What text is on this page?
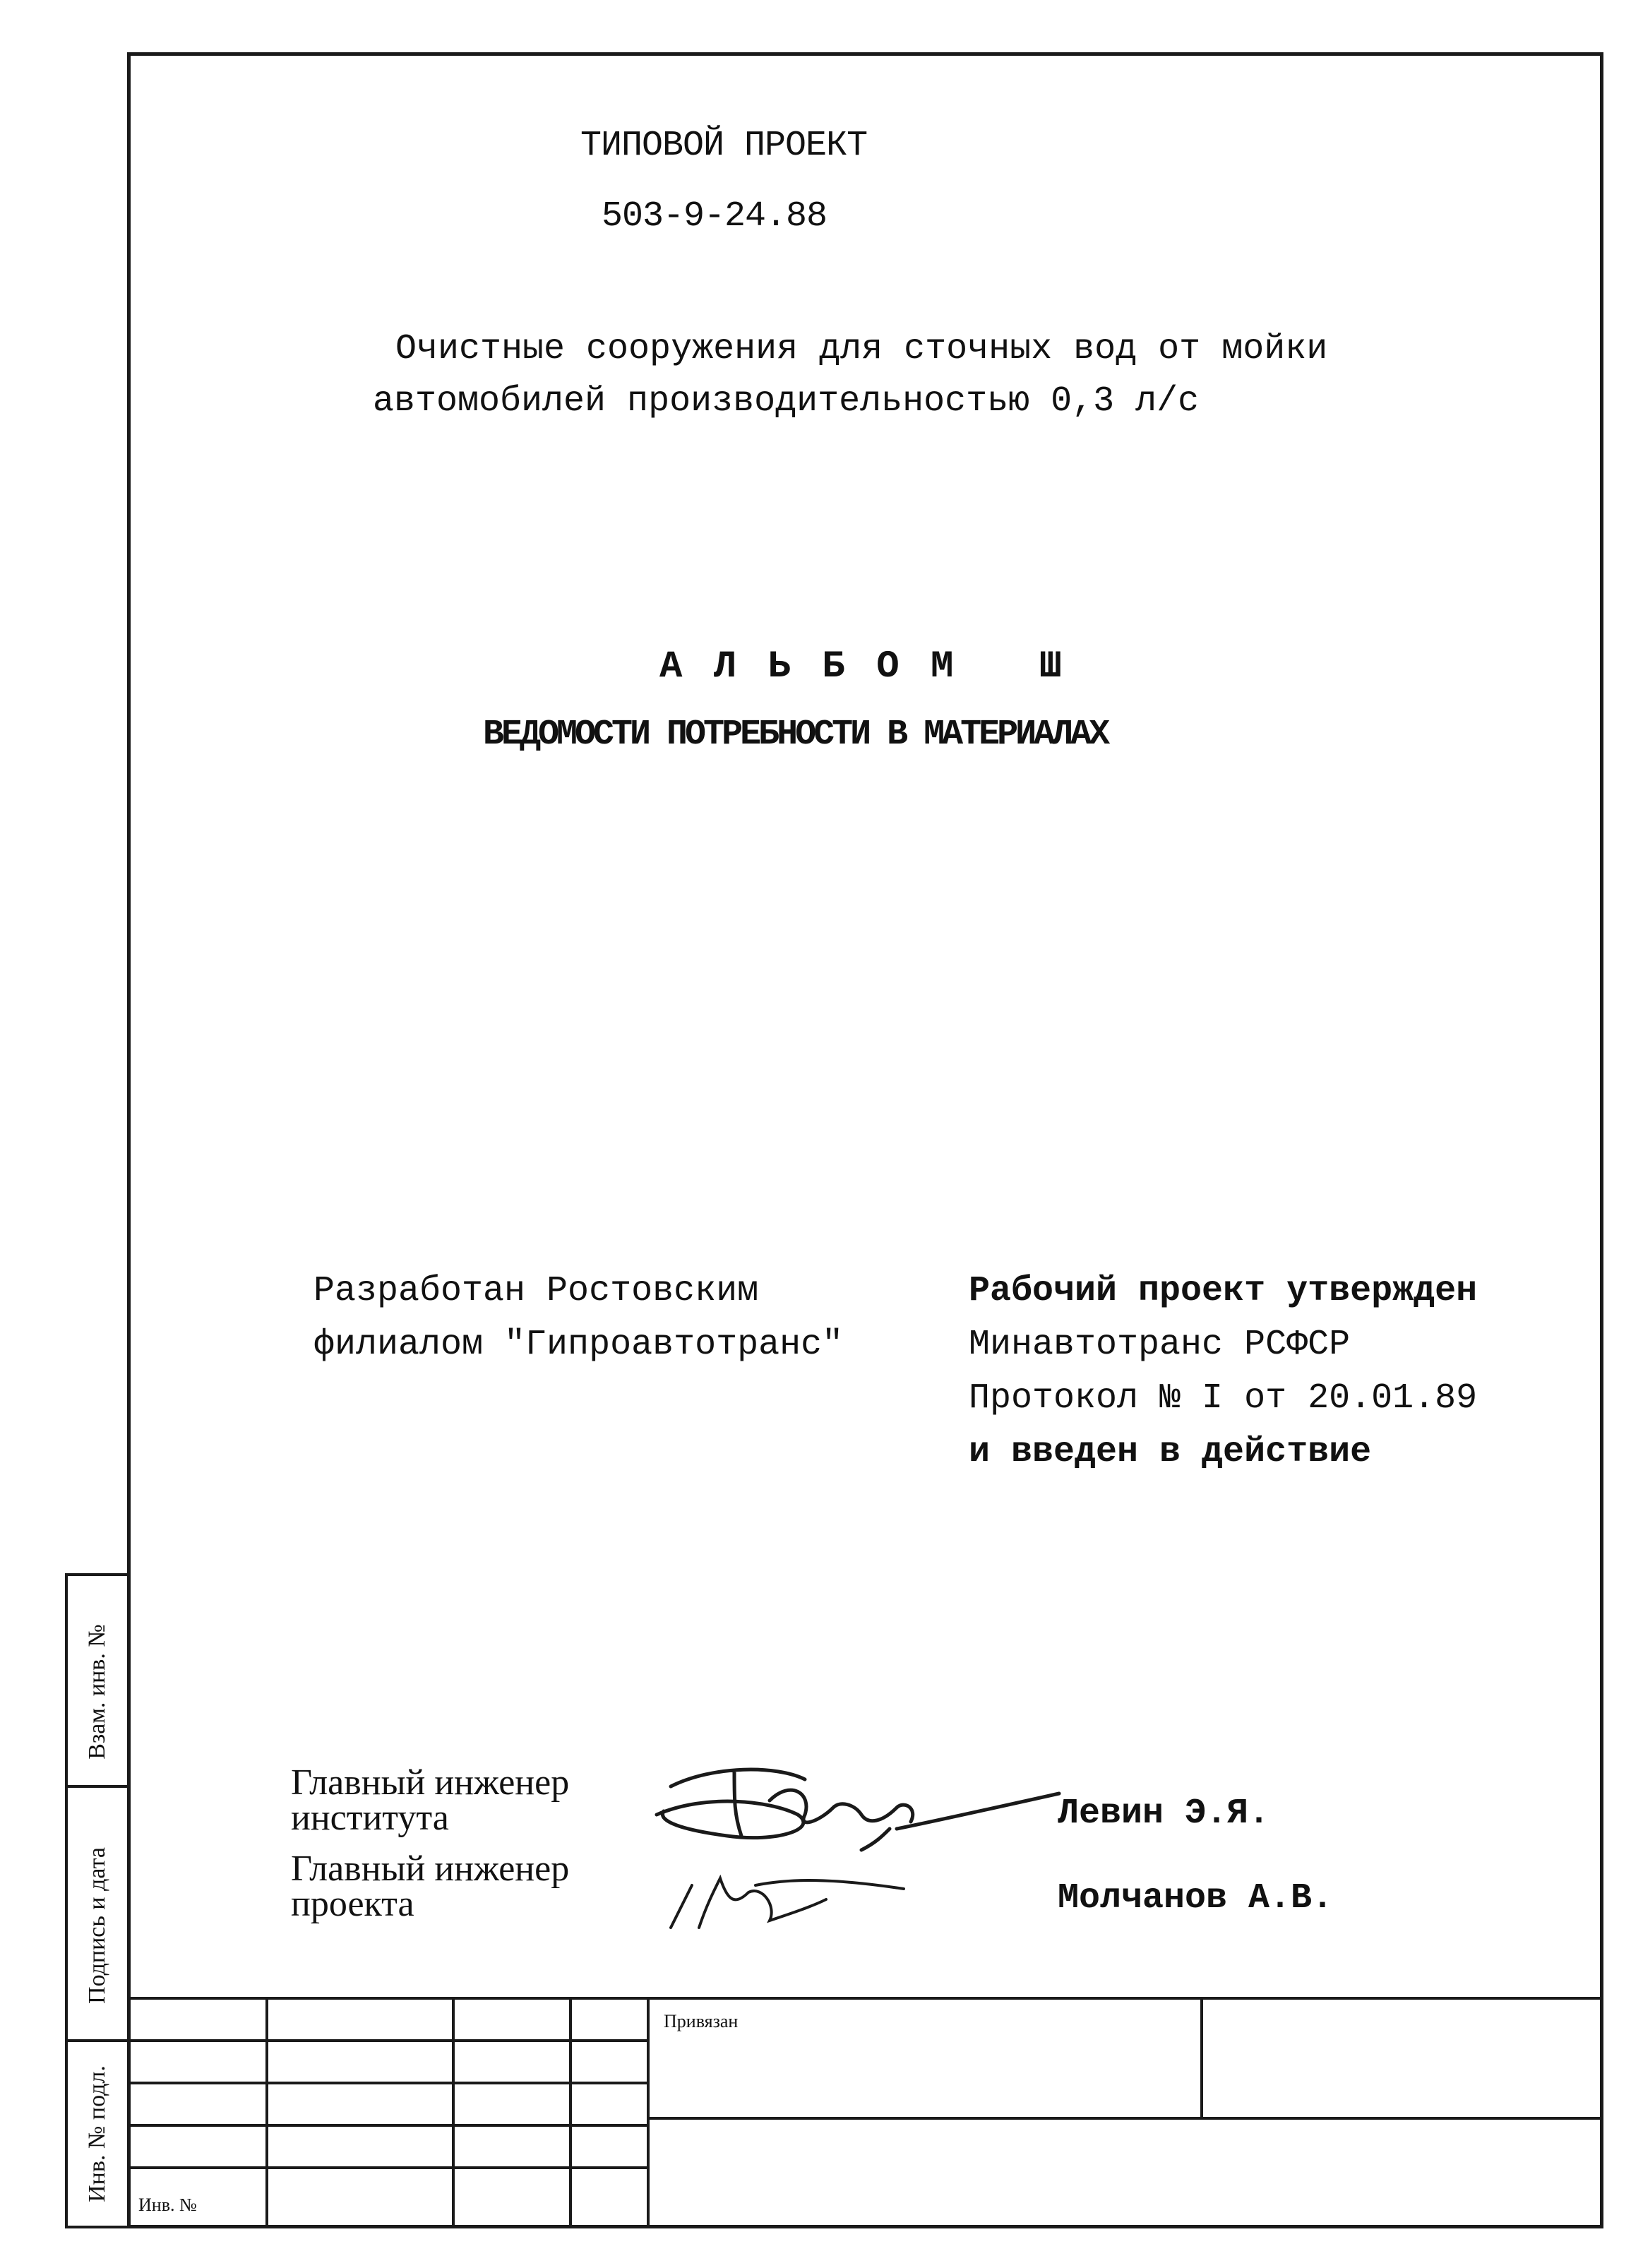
ТИПОВОЙ ПРОЕКТ
503-9-24.88
Очистные сооружения для сточных вод от мойки
автомобилей производительностью 0,3 л/с
А Л Ь Б О М   Ш
ВЕДОМОСТИ ПОТРЕБНОСТИ В МАТЕРИАЛАХ
Разработан Ростовским
филиалом "Гипроавтотранс"
Рабочий проект утвержден
Минавтотранс РСФСР
Протокол № I от 20.01.89
и введен в действие
Главный инженер
института
Главный инженер
проекта
Левин Э.Я.
Молчанов А.В.
Взам. инв. №
Подпись и дата
Инв. № подл.
Привязан
Инв. №
